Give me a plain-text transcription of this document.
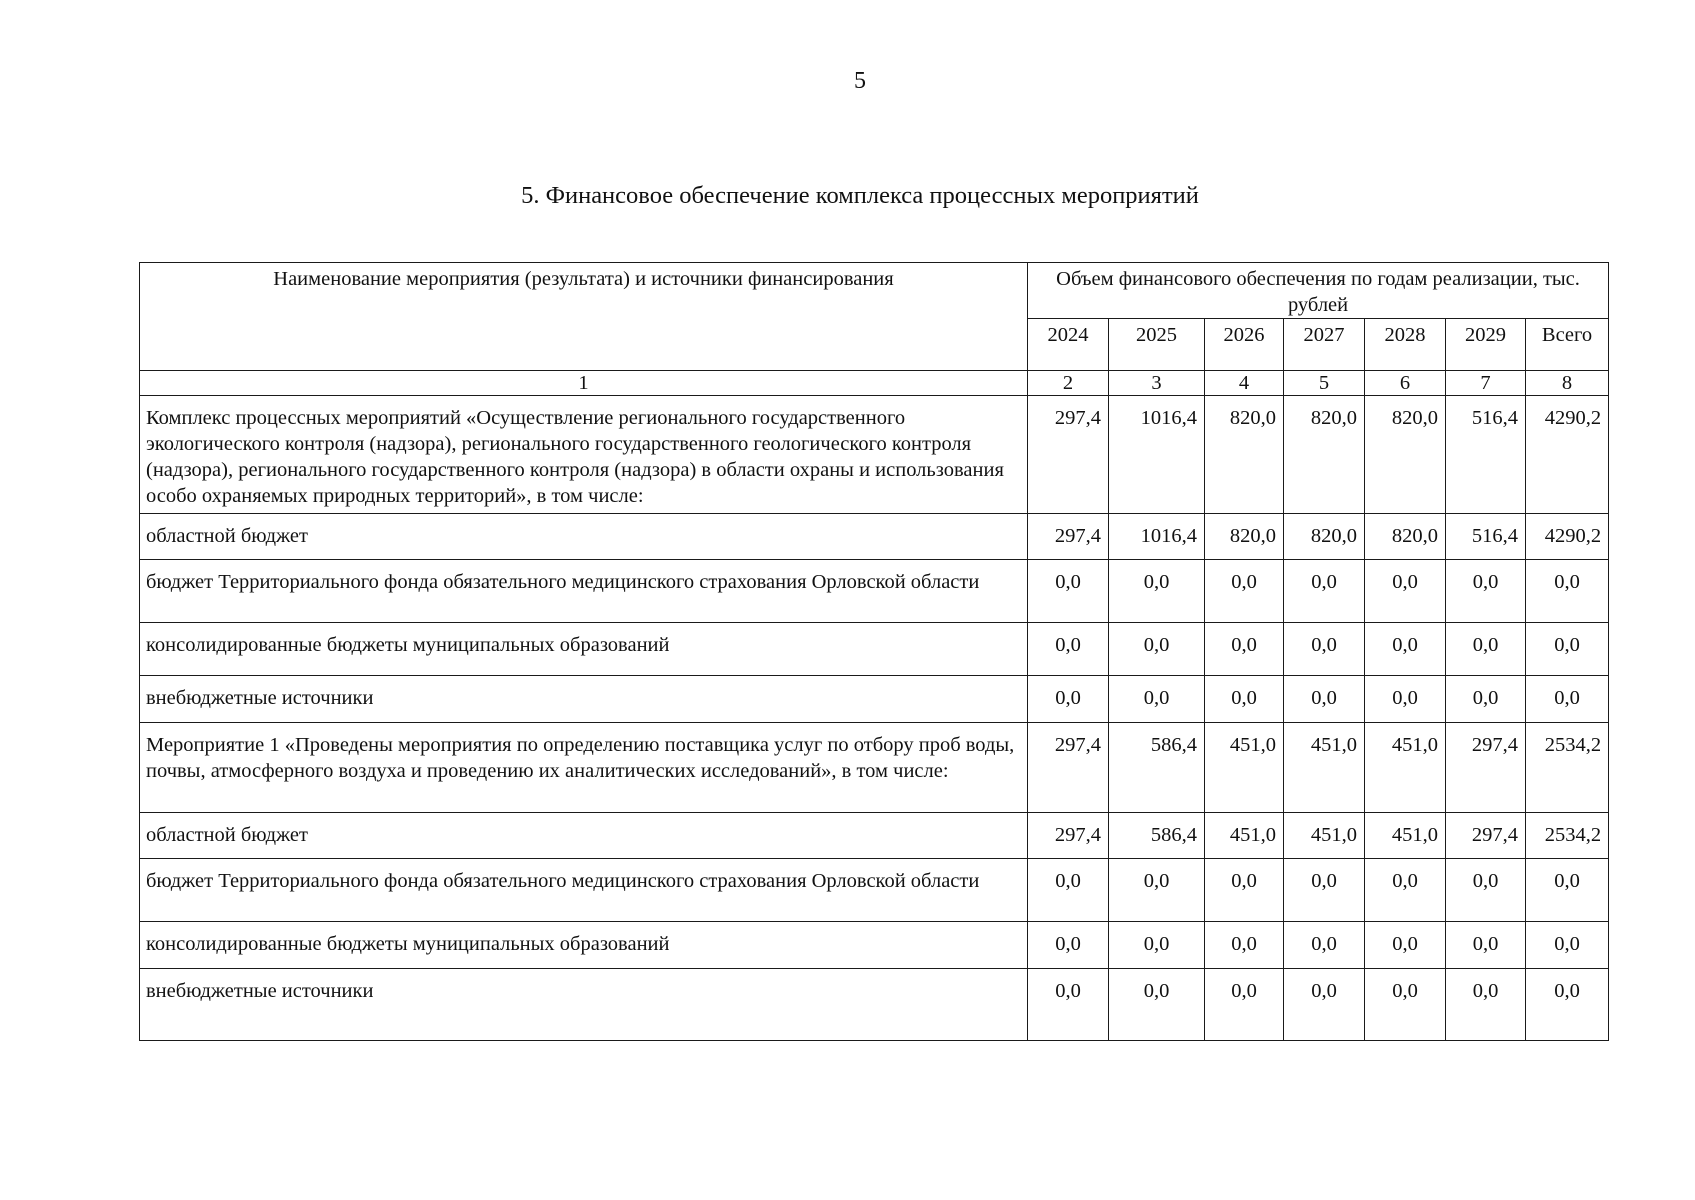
5
5. Финансовое обеспечение комплекса процессных мероприятий
Наименование мероприятия (результата) и источники финансирования	Объем финансового обеспечения по годам реализации, тыс. рублей						
	2024	2025	2026	2027	2028	2029	Всего
1	2	3	4	5	6	7	8
Комплекс процессных мероприятий «Осуществление регионального государственного экологического контроля (надзора), регионального государственного геологического контроля (надзора), регионального государственного контроля (надзора) в области охраны и использования особо охраняемых природных территорий», в том числе:	297,4	1016,4	820,0	820,0	820,0	516,4	4290,2
областной бюджет	297,4	1016,4	820,0	820,0	820,0	516,4	4290,2
бюджет Территориального фонда обязательного медицинского страхования Орловской области	0,0	0,0	0,0	0,0	0,0	0,0	0,0
консолидированные бюджеты муниципальных образований	0,0	0,0	0,0	0,0	0,0	0,0	0,0
внебюджетные источники	0,0	0,0	0,0	0,0	0,0	0,0	0,0
Мероприятие 1 «Проведены мероприятия по определению поставщика услуг по отбору проб воды, почвы, атмосферного воздуха и проведению их аналитических исследований», в том числе:	297,4	586,4	451,0	451,0	451,0	297,4	2534,2
областной бюджет	297,4	586,4	451,0	451,0	451,0	297,4	2534,2
бюджет Территориального фонда обязательного медицинского страхования Орловской области	0,0	0,0	0,0	0,0	0,0	0,0	0,0
консолидированные бюджеты муниципальных образований	0,0	0,0	0,0	0,0	0,0	0,0	0,0
внебюджетные источники	0,0	0,0	0,0	0,0	0,0	0,0	0,0
